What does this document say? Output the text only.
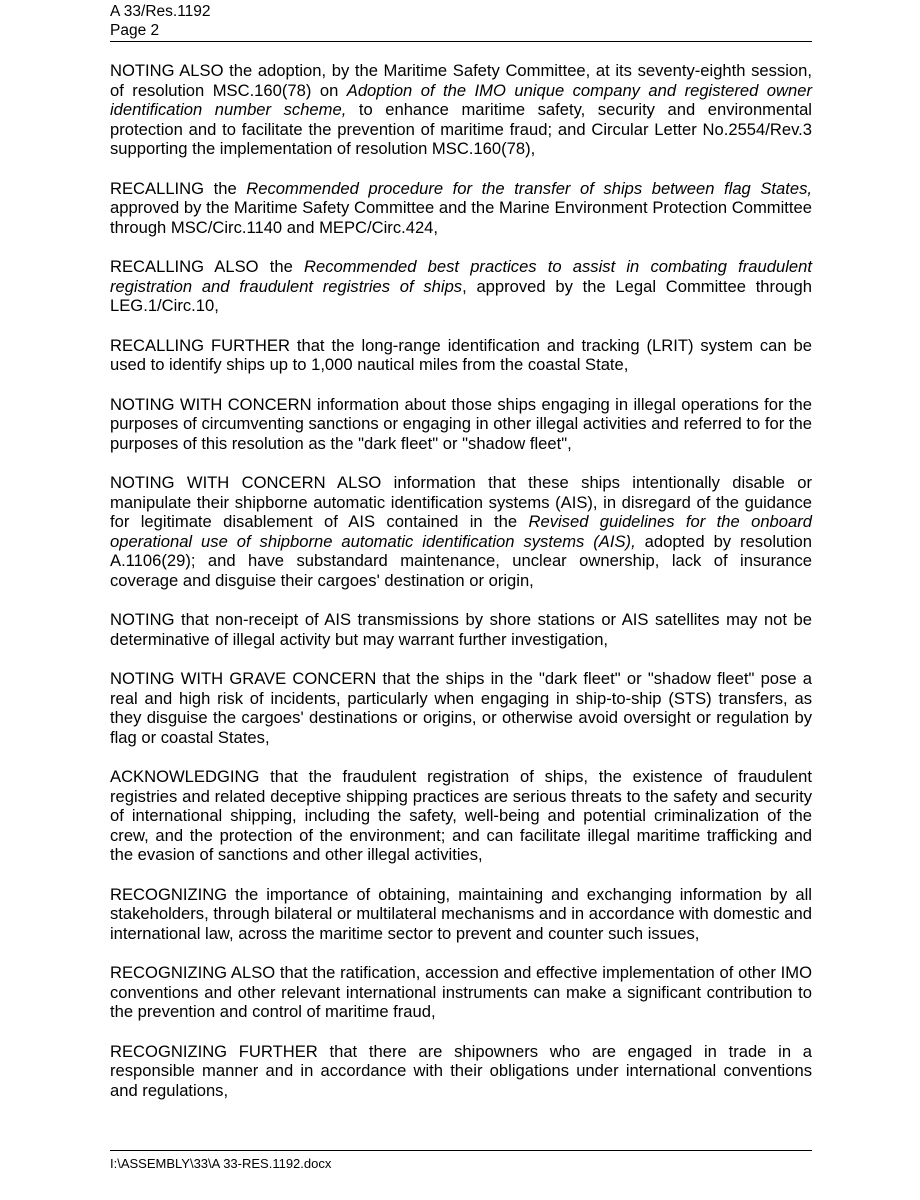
A 33/Res.1192
Page 2

NOTING ALSO the adoption, by the Maritime Safety Committee, at its seventy-eighth session, of resolution MSC.160(78) on Adoption of the IMO unique company and registered owner identification number scheme, to enhance maritime safety, security and environmental protection and to facilitate the prevention of maritime fraud; and Circular Letter No.2554/Rev.3 supporting the implementation of resolution MSC.160(78),

RECALLING the Recommended procedure for the transfer of ships between flag States, approved by the Maritime Safety Committee and the Marine Environment Protection Committee through MSC/Circ.1140 and MEPC/Circ.424,

RECALLING ALSO the Recommended best practices to assist in combating fraudulent registration and fraudulent registries of ships, approved by the Legal Committee through LEG.1/Circ.10,

RECALLING FURTHER that the long-range identification and tracking (LRIT) system can be used to identify ships up to 1,000 nautical miles from the coastal State,

NOTING WITH CONCERN information about those ships engaging in illegal operations for the purposes of circumventing sanctions or engaging in other illegal activities and referred to for the purposes of this resolution as the "dark fleet" or "shadow fleet",

NOTING WITH CONCERN ALSO information that these ships intentionally disable or manipulate their shipborne automatic identification systems (AIS), in disregard of the guidance for legitimate disablement of AIS contained in the Revised guidelines for the onboard operational use of shipborne automatic identification systems (AIS), adopted by resolution A.1106(29); and have substandard maintenance, unclear ownership, lack of insurance coverage and disguise their cargoes' destination or origin,

NOTING that non-receipt of AIS transmissions by shore stations or AIS satellites may not be determinative of illegal activity but may warrant further investigation,

NOTING WITH GRAVE CONCERN that the ships in the "dark fleet" or "shadow fleet" pose a real and high risk of incidents, particularly when engaging in ship-to-ship (STS) transfers, as they disguise the cargoes' destinations or origins, or otherwise avoid oversight or regulation by flag or coastal States,

ACKNOWLEDGING that the fraudulent registration of ships, the existence of fraudulent registries and related deceptive shipping practices are serious threats to the safety and security of international shipping, including the safety, well-being and potential criminalization of the crew, and the protection of the environment; and can facilitate illegal maritime trafficking and the evasion of sanctions and other illegal activities,

RECOGNIZING the importance of obtaining, maintaining and exchanging information by all stakeholders, through bilateral or multilateral mechanisms and in accordance with domestic and international law, across the maritime sector to prevent and counter such issues,

RECOGNIZING ALSO that the ratification, accession and effective implementation of other IMO conventions and other relevant international instruments can make a significant contribution to the prevention and control of maritime fraud,

RECOGNIZING FURTHER that there are shipowners who are engaged in trade in a responsible manner and in accordance with their obligations under international conventions and regulations,

I:\ASSEMBLY\33\A 33-RES.1192.docx
